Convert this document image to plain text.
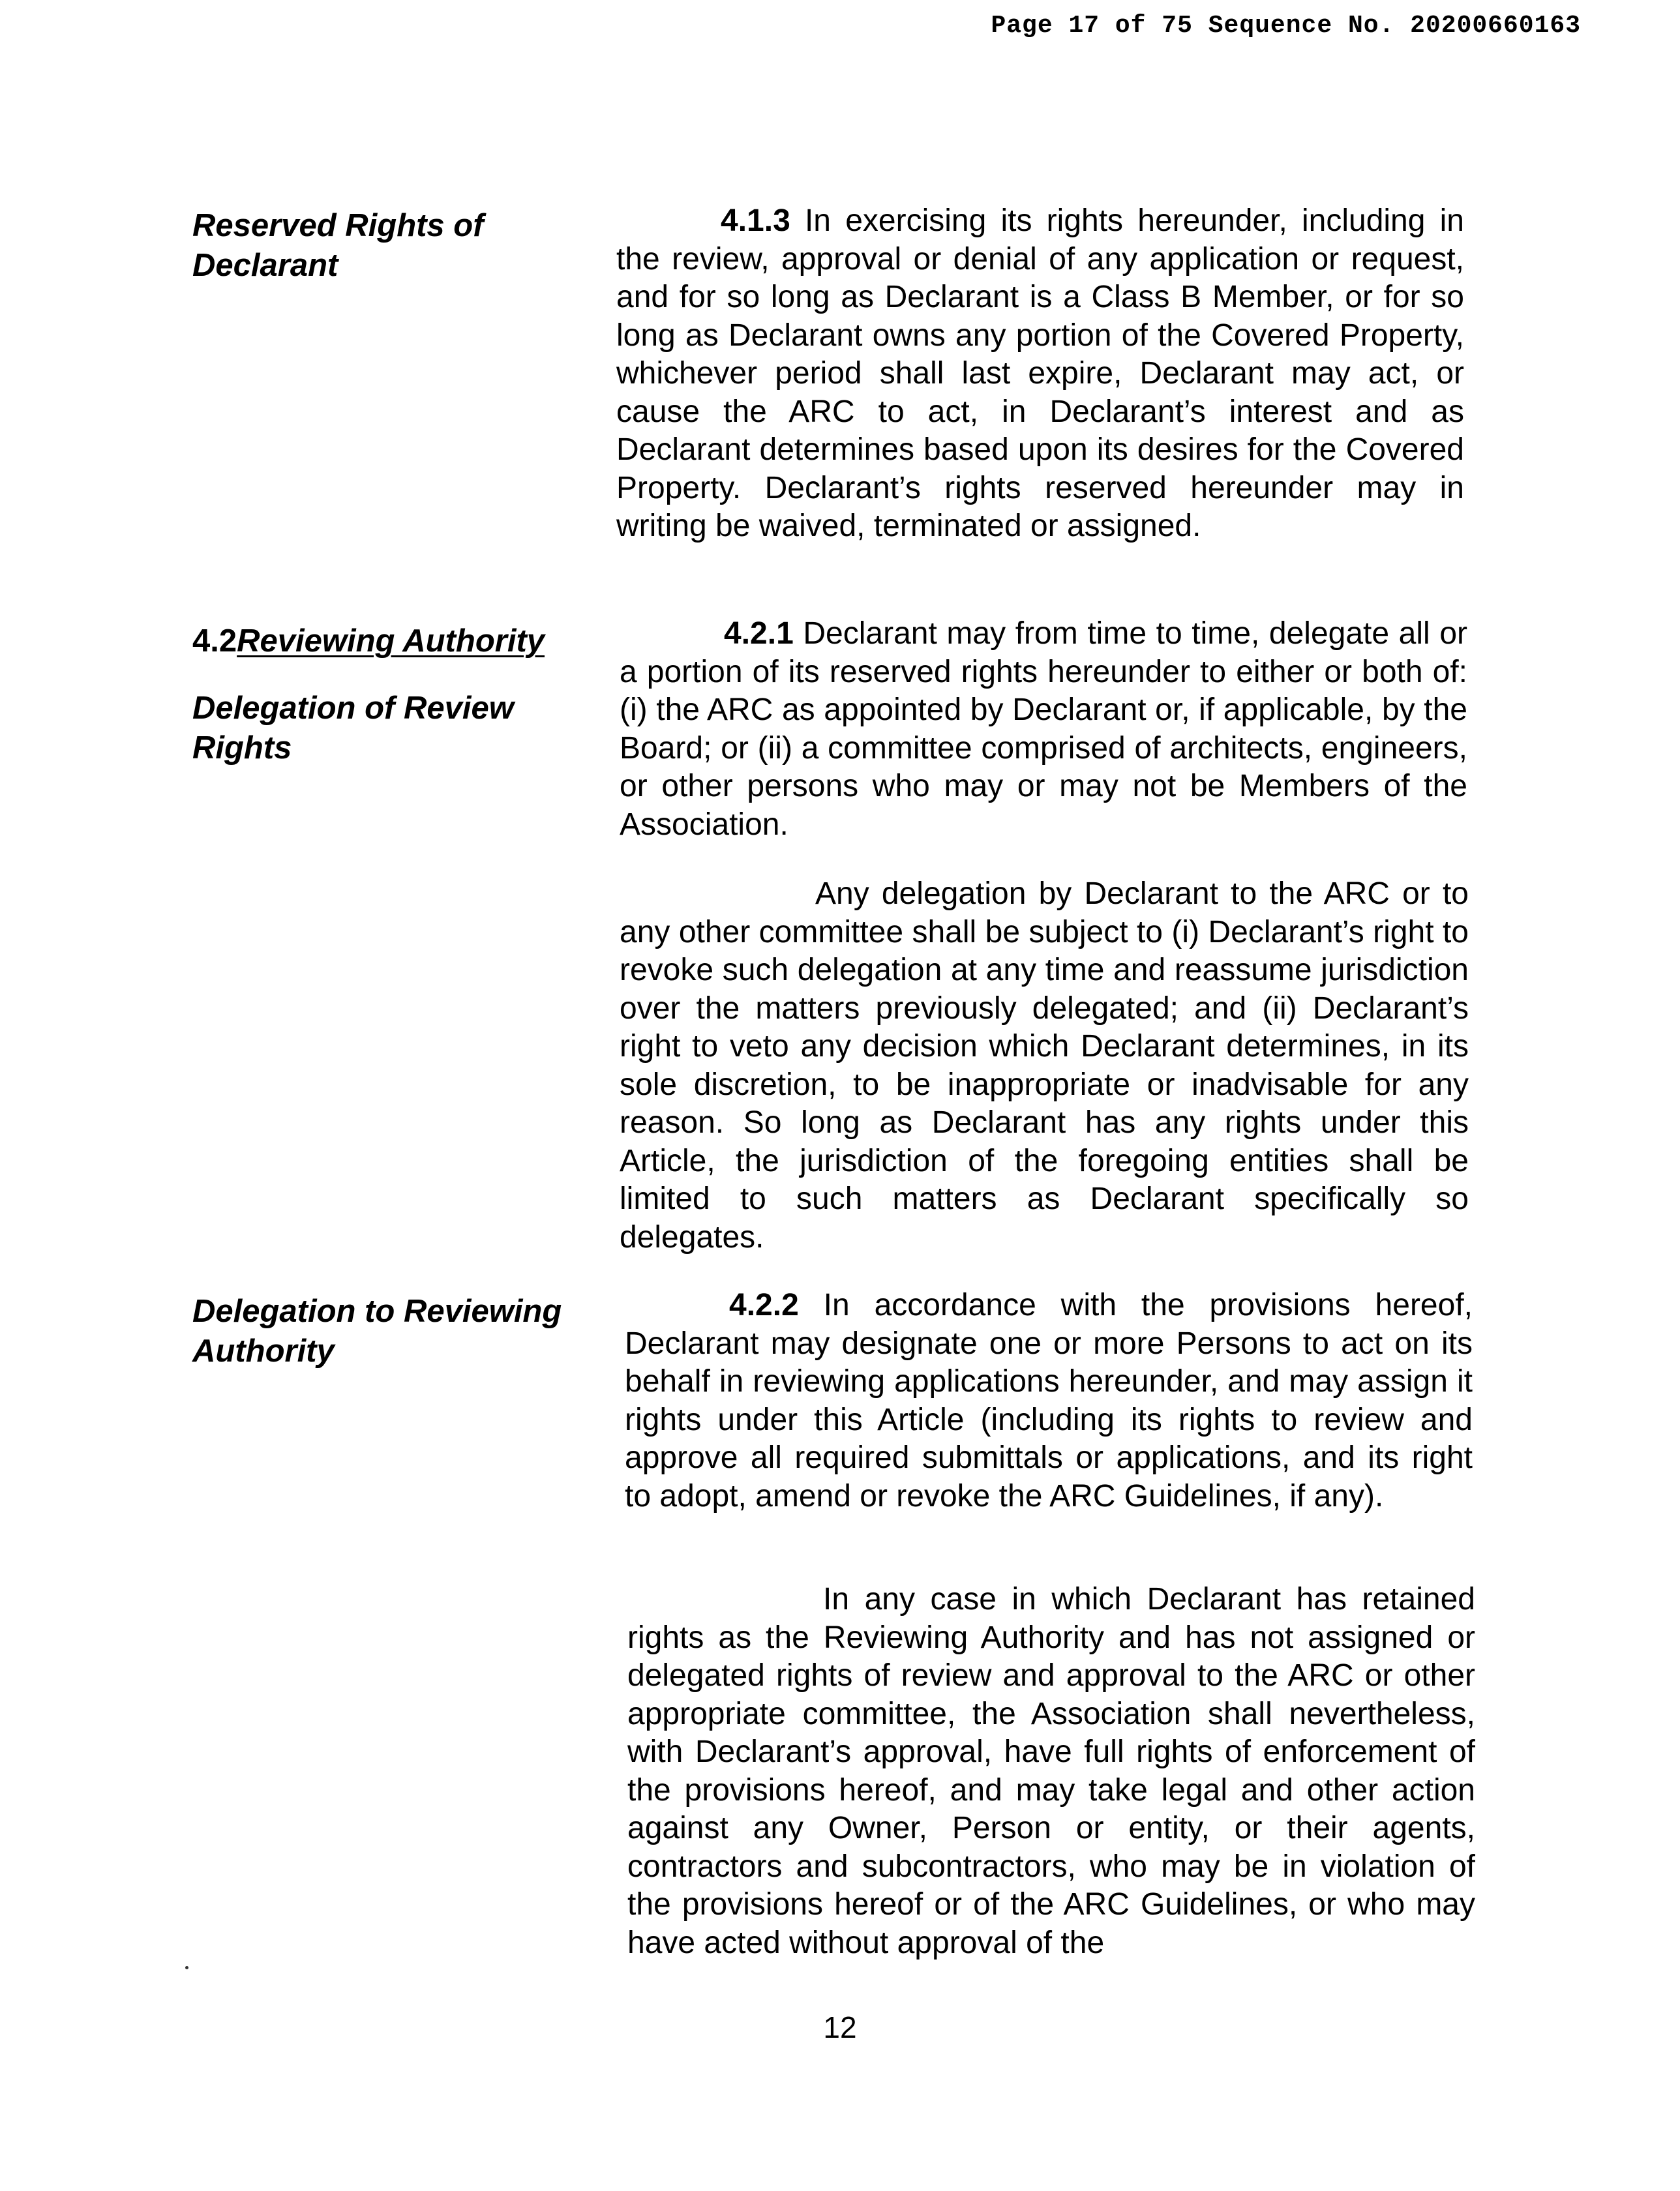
Page 17 of 75 Sequence No. 20200660163
Reserved Rights of Declarant

4.1.3 In exercising its rights hereunder, including in the review, approval or denial of any application or request, and for so long as Declarant is a Class B Member, or for so long as Declarant owns any portion of the Covered Property, whichever period shall last expire, Declarant may act, or cause the ARC to act, in Declarant’s interest and as Declarant determines based upon its desires for the Covered Property. Declarant’s rights reserved hereunder may in writing be waived, terminated or assigned.

4.2Reviewing Authority
Delegation of Review Rights

4.2.1 Declarant may from time to time, delegate all or a portion of its reserved rights hereunder to either or both of: (i) the ARC as appointed by Declarant or, if applicable, by the Board; or (ii) a committee comprised of architects, engineers, or other persons who may or may not be Members of the Association.

Any delegation by Declarant to the ARC or to any other committee shall be subject to (i) Declarant’s right to revoke such delegation at any time and reassume jurisdiction over the matters previously delegated; and (ii) Declarant’s right to veto any decision which Declarant determines, in its sole discretion, to be inappropriate or inadvisable for any reason. So long as Declarant has any rights under this Article, the jurisdiction of the foregoing entities shall be limited to such matters as Declarant specifically so delegates.

Delegation to Reviewing Authority

4.2.2 In accordance with the provisions hereof, Declarant may designate one or more Persons to act on its behalf in reviewing applications hereunder, and may assign it rights under this Article (including its rights to review and approve all required submittals or applications, and its right to adopt, amend or revoke the ARC Guidelines, if any).

In any case in which Declarant has retained rights as the Reviewing Authority and has not assigned or delegated rights of review and approval to the ARC or other appropriate committee, the Association shall nevertheless, with Declarant’s approval, have full rights of enforcement of the provisions hereof, and may take legal and other action against any Owner, Person or entity, or their agents, contractors and subcontractors, who may be in violation of the provisions hereof or of the ARC Guidelines, or who may have acted without approval of the

12
